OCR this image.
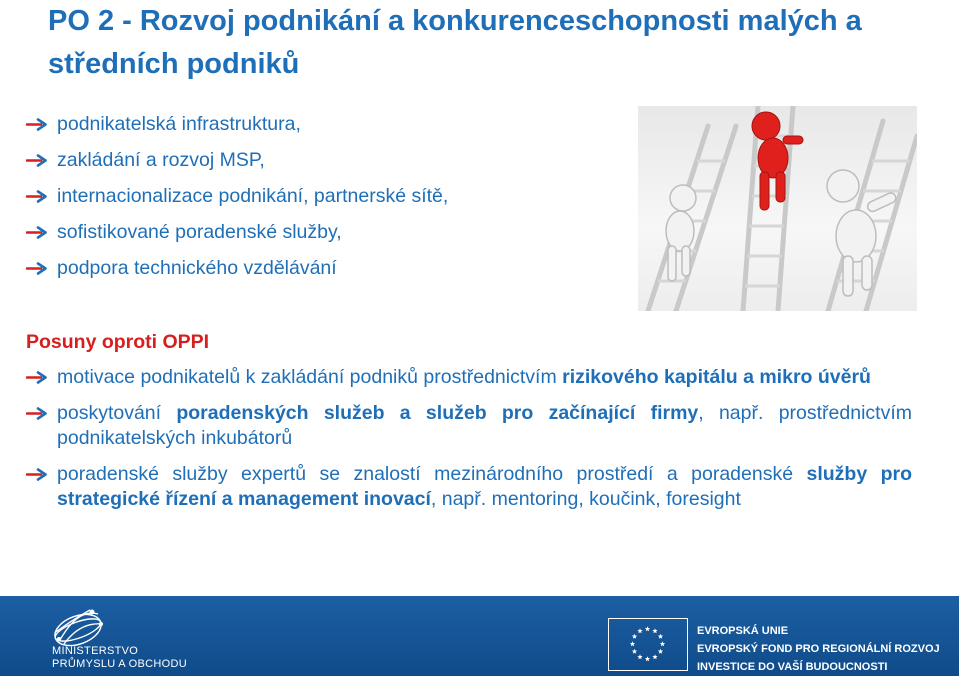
PO 2 - Rozvoj podnikání a konkurenceschopnosti malých a středních podniků
podnikatelská infrastruktura,
zakládání a rozvoj MSP,
internacionalizace podnikání, partnerské sítě,
sofistikované poradenské služby,
podpora technického vzdělávání
Posuny oproti OPPI
motivace podnikatelů k zakládání podniků prostřednictvím rizikového kapitálu a mikro úvěrů
poskytování poradenských služeb a služeb pro začínající firmy, např. prostřednictvím podnikatelských inkubátorů
poradenské služby expertů se znalostí mezinárodního prostředí a poradenské služby pro strategické řízení a management inovací, např. mentoring, koučink, foresight
MINISTERSTVO
PRŮMYSLU A OBCHODU
EVROPSKÁ UNIE
EVROPSKÝ FOND PRO REGIONÁLNÍ ROZVOJ
INVESTICE DO VAŠÍ BUDOUCNOSTI
